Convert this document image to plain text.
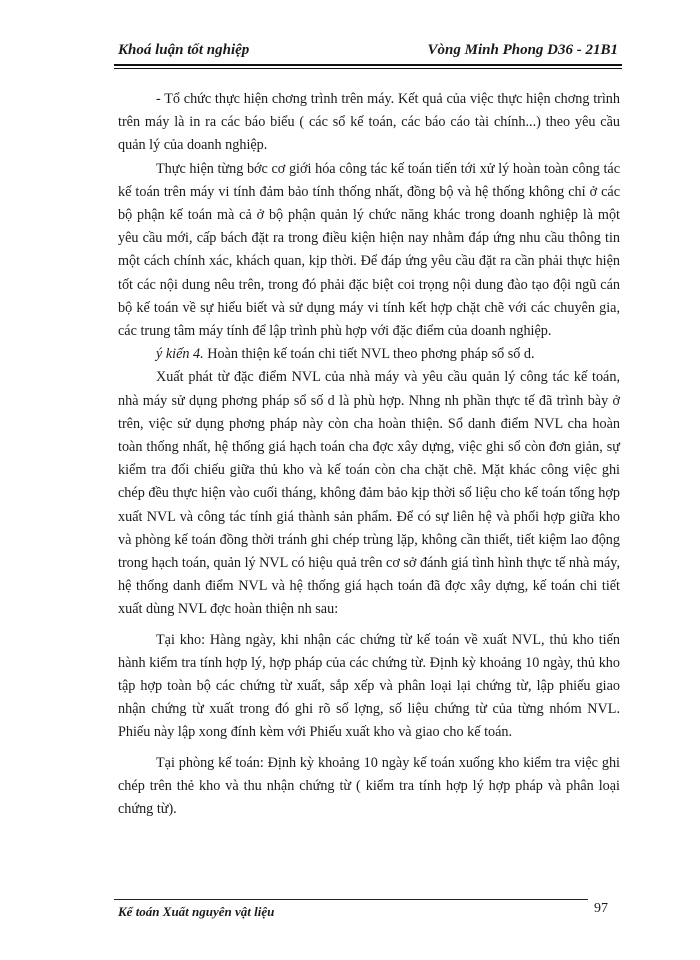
Khoá luận tốt nghiệp	Vòng Minh Phong D36 - 21B1

- Tổ chức thực hiện chơng trình trên máy. Kết quả của việc thực hiện chơng trình trên máy là in ra các báo biểu ( các sổ kế toán, các báo cáo tài chính...) theo yêu cầu quản lý của doanh nghiệp.

Thực hiện từng bớc cơ giới hóa công tác kế toán tiến tới xử lý hoàn toàn công tác kế toán trên máy vi tính đảm bảo tính thống nhất, đồng bộ và hệ thống không chỉ ở các bộ phận kế toán mà cả ở bộ phận quản lý chức năng khác trong doanh nghiệp là một yêu cầu mới, cấp bách đặt ra trong điều kiện hiện nay nhằm đáp ứng nhu cầu thông tin một cách chính xác, khách quan, kịp thời. Để đáp ứng yêu cầu đặt ra cần phải thực hiện tốt các nội dung nêu trên, trong đó phải đặc biệt coi trọng nội dung đào tạo đội ngũ cán bộ kế toán về sự hiểu biết và sử dụng máy vi tính kết hợp chặt chẽ với các chuyên gia, các trung tâm máy tính để lập trình phù hợp với đặc điểm của doanh nghiệp.

ý kiến 4. Hoàn thiện kế toán chi tiết NVL theo phơng pháp sổ số d.

Xuất phát từ đặc điểm NVL của nhà máy và yêu cầu quản lý công tác kế toán, nhà máy sử dụng phơng pháp sổ số d là phù hợp. Nhng nh phần thực tế đã trình bày ở trên, việc sử dụng phơng pháp này còn cha hoàn thiện. Sổ danh điểm NVL cha hoàn toàn thống nhất, hệ thống giá hạch toán cha đợc xây dựng, việc ghi sổ còn đơn giản, sự kiểm tra đối chiếu giữa thủ kho và kế toán còn cha chặt chẽ. Mặt khác công việc ghi chép đều thực hiện vào cuối tháng, không đảm bảo kịp thời số liệu cho kế toán tổng hợp xuất NVL và công tác tính giá thành sản phẩm. Để có sự liên hệ và phối hợp giữa kho và phòng kế toán đồng thời tránh ghi chép trùng lặp, không cần thiết, tiết kiệm lao động trong hạch toán, quản lý NVL có hiệu quả trên cơ sở đánh giá tình hình thực tế nhà máy, hệ thống danh điểm NVL và hệ thống giá hạch toán đã đợc xây dựng, kế toán chi tiết xuất dùng NVL đợc hoàn thiện nh sau:

Tại kho: Hàng ngày, khi nhận các chứng từ kế toán về xuất NVL, thủ kho tiến hành kiểm tra tính hợp lý, hợp pháp của các chứng từ. Định kỳ khoảng 10 ngày, thủ kho tập hợp toàn bộ các chứng từ xuất, sắp xếp và phân loại lại chứng từ, lập phiếu giao nhận chứng từ xuất trong đó ghi rõ số lợng, số liệu chứng từ của từng nhóm NVL. Phiếu này lập xong đính kèm với Phiếu xuất kho và giao cho kế toán.

Tại phòng kế toán: Định kỳ khoảng 10 ngày kế toán xuống kho kiểm tra việc ghi chép trên thẻ kho và thu nhận chứng từ ( kiểm tra tính hợp lý hợp pháp và phân loại chứng từ).

97
Kế toán Xuất nguyên vật liệu
